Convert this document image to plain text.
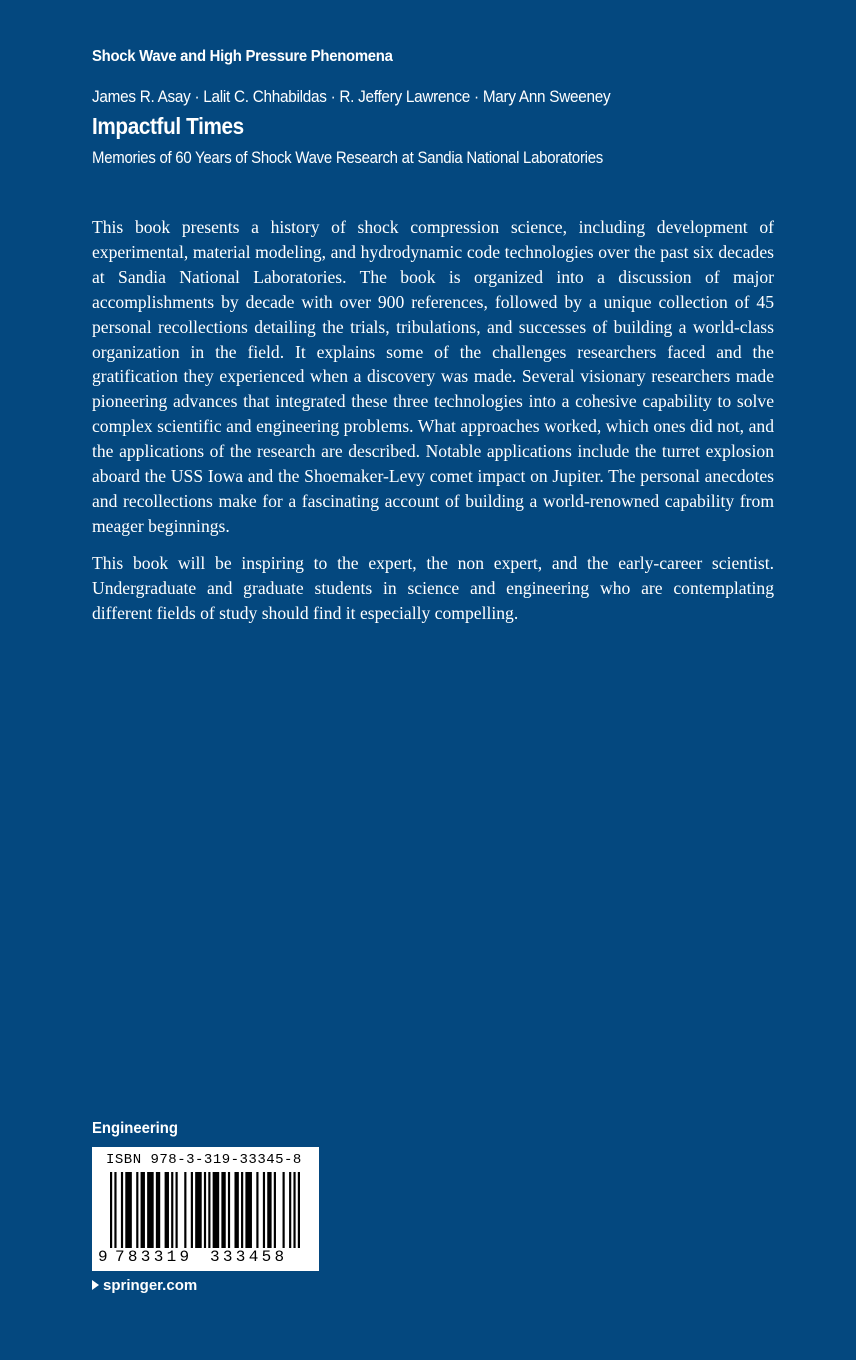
Shock Wave and High Pressure Phenomena
James R. Asay · Lalit C. Chhabildas · R. Jeffery Lawrence · Mary Ann Sweeney
Impactful Times
Memories of 60 Years of Shock Wave Research at Sandia National Laboratories

This book presents a history of shock compression science, including development of experimental, material modeling, and hydrodynamic code technologies over the past six decades at Sandia National Laboratories. The book is organized into a discussion of major accomplishments by decade with over 900 references, followed by a unique collection of 45 personal recollections detailing the trials, tribulations, and successes of building a world-class organization in the field. It explains some of the challenges researchers faced and the gratification they experienced when a discovery was made. Several visionary researchers made pioneering advances that integrated these three technologies into a cohesive capability to solve complex scientific and engineering problems. What approaches worked, which ones did not, and the applications of the research are described. Notable applications include the turret explosion aboard the USS Iowa and the Shoemaker-Levy comet impact on Jupiter. The personal anecdotes and recollections make for a fascinating account of building a world-renowned capability from meager beginnings.

This book will be inspiring to the expert, the non expert, and the early-career scientist. Undergraduate and graduate students in science and engineering who are contemplating different fields of study should find it especially compelling.

Engineering
ISBN 978-3-319-33345-8
9 783319 333458
springer.com
